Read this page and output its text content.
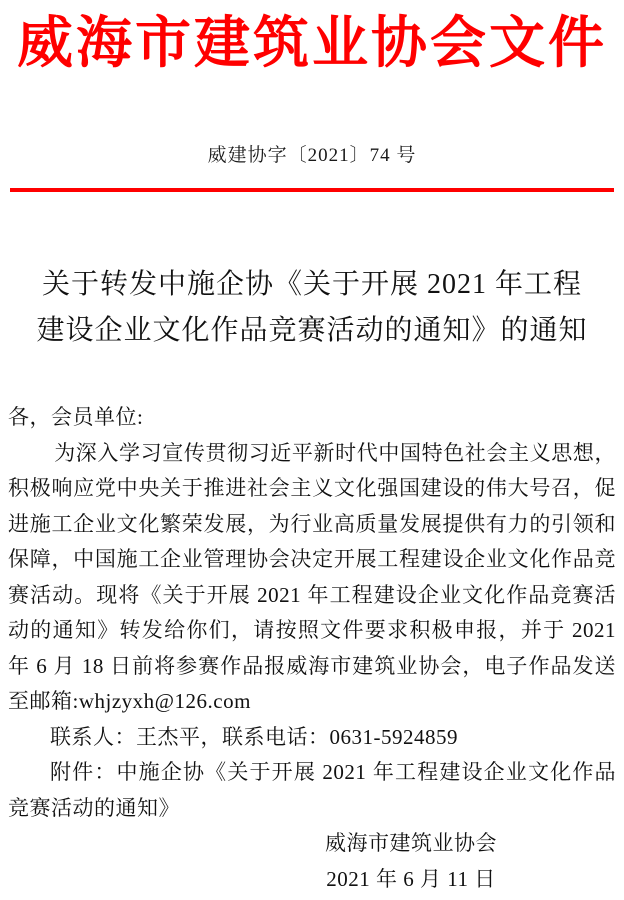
威海市建筑业协会文件
威建协字〔2021〕74 号
关于转发中施企协《关于开展 2021 年工程
建设企业文化作品竞赛活动的通知》的通知

各，会员单位:

为深入学习宣传贯彻习近平新时代中国特色社会主义思想，积极响应党中央关于推进社会主义文化强国建设的伟大号召，促进施工企业文化繁荣发展，为行业高质量发展提供有力的引领和保障，中国施工企业管理协会决定开展工程建设企业文化作品竞赛活动。现将《关于开展 2021 年工程建设企业文化作品竞赛活动的通知》转发给你们，请按照文件要求积极申报，并于 2021 年 6 月 18 日前将参赛作品报威海市建筑业协会，电子作品发送至邮箱:whjzyxh@126.com

联系人：王杰平，联系电话：0631-5924859

附件：中施企协《关于开展 2021 年工程建设企业文化作品竞赛活动的通知》

威海市建筑业协会
2021 年 6 月 11 日
